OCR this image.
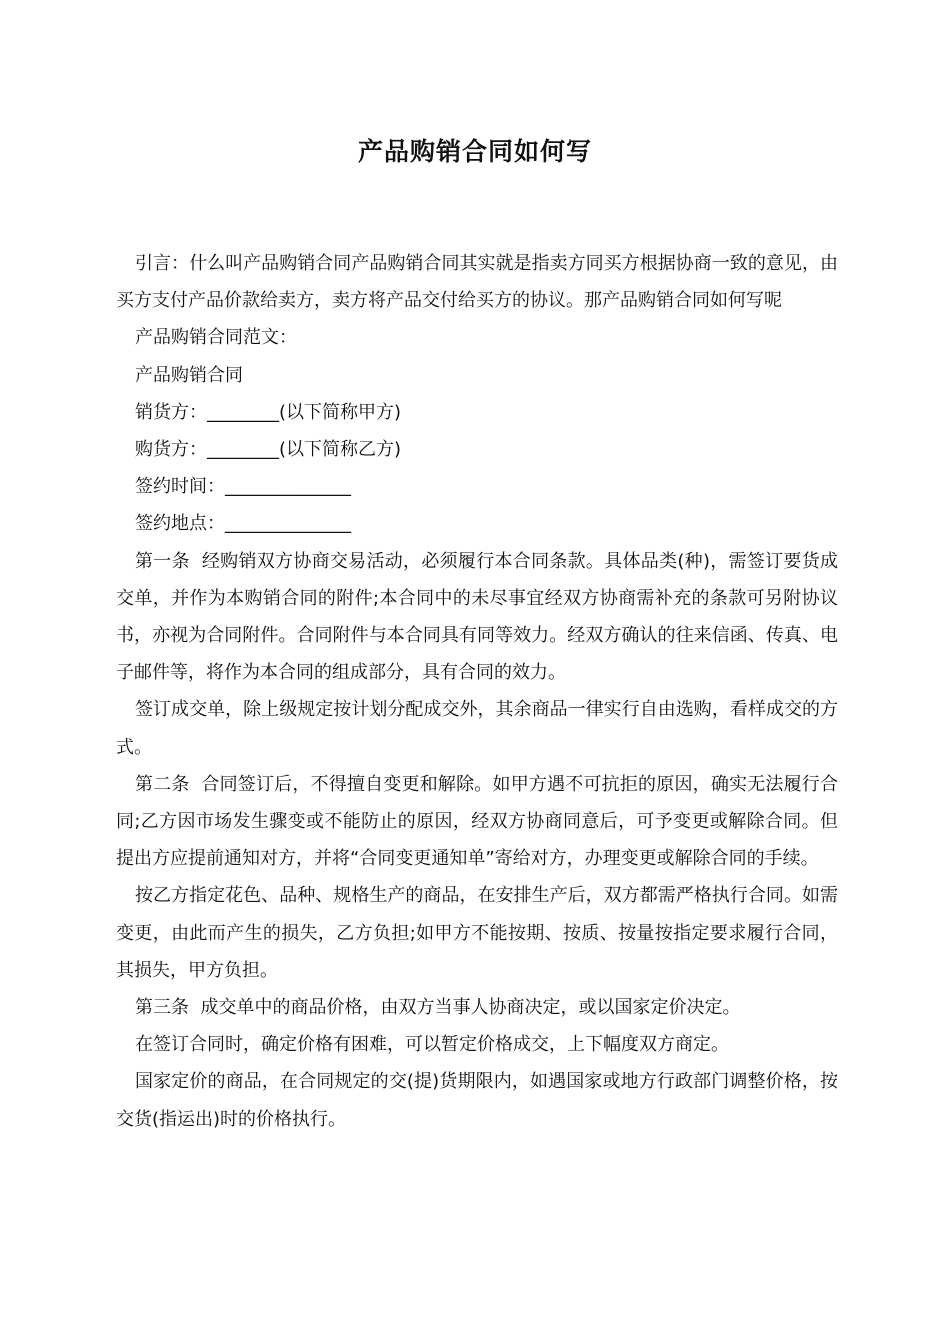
产品购销合同如何写

引言：什么叫产品购销合同产品购销合同其实就是指卖方同买方根据协商一致的意见，由买方支付产品价款给卖方，卖方将产品交付给买方的协议。那产品购销合同如何写呢

产品购销合同范文：

产品购销合同

销货方：________(以下简称甲方)

购货方：________(以下简称乙方)

签约时间：______________

签约地点：______________

第一条  经购销双方协商交易活动，必须履行本合同条款。具体品类(种)，需签订要货成交单，并作为本购销合同的附件;本合同中的未尽事宜经双方协商需补充的条款可另附协议书，亦视为合同附件。合同附件与本合同具有同等效力。经双方确认的往来信函、传真、电子邮件等，将作为本合同的组成部分，具有合同的效力。

签订成交单，除上级规定按计划分配成交外，其余商品一律实行自由选购，看样成交的方式。

第二条  合同签订后，不得擅自变更和解除。如甲方遇不可抗拒的原因，确实无法履行合同;乙方因市场发生骤变或不能防止的原因，经双方协商同意后，可予变更或解除合同。但提出方应提前通知对方，并将“合同变更通知单”寄给对方，办理变更或解除合同的手续。

按乙方指定花色、品种、规格生产的商品，在安排生产后，双方都需严格执行合同。如需变更，由此而产生的损失，乙方负担;如甲方不能按期、按质、按量按指定要求履行合同，其损失，甲方负担。

第三条  成交单中的商品价格，由双方当事人协商决定，或以国家定价决定。

在签订合同时，确定价格有困难，可以暂定价格成交，上下幅度双方商定。

国家定价的商品，在合同规定的交(提)货期限内，如遇国家或地方行政部门调整价格，按交货(指运出)时的价格执行。
